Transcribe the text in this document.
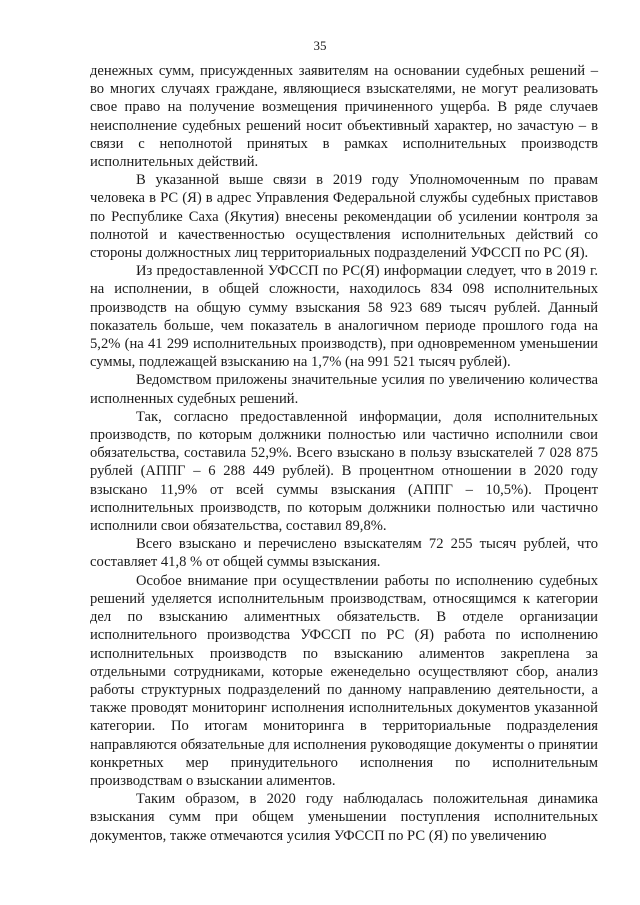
35

денежных сумм, присужденных заявителям на основании судебных решений – во многих случаях граждане, являющиеся взыскателями, не могут реализовать свое право на получение возмещения причиненного ущерба. В ряде случаев неисполнение судебных решений носит объективный характер, но зачастую – в связи с неполнотой принятых в рамках исполнительных производств исполнительных действий.

В указанной выше связи в 2019 году Уполномоченным по правам человека в РС (Я) в адрес Управления Федеральной службы судебных приставов по Республике Саха (Якутия) внесены рекомендации об усилении контроля за полнотой и качественностью осуществления исполнительных действий со стороны должностных лиц территориальных подразделений УФССП по РС (Я).

Из предоставленной УФССП по РС(Я) информации следует, что в 2019 г. на исполнении, в общей сложности, находилось 834 098 исполнительных производств на общую сумму взыскания 58 923 689 тысяч рублей. Данный показатель больше, чем показатель в аналогичном периоде прошлого года на 5,2% (на 41 299 исполнительных производств), при одновременном уменьшении суммы, подлежащей взысканию на 1,7% (на 991 521 тысяч рублей).

Ведомством приложены значительные усилия по увеличению количества исполненных судебных решений.

Так, согласно предоставленной информации, доля исполнительных производств, по которым должники полностью или частично исполнили свои обязательства, составила 52,9%. Всего взыскано в пользу взыскателей 7 028 875 рублей (АППГ – 6 288 449 рублей). В процентном отношении в 2020 году взыскано 11,9% от всей суммы взыскания (АППГ – 10,5%). Процент исполнительных производств, по которым должники полностью или частично исполнили свои обязательства, составил 89,8%.

Всего взыскано и перечислено взыскателям 72 255 тысяч рублей, что составляет 41,8 % от общей суммы взыскания.

Особое внимание при осуществлении работы по исполнению судебных решений уделяется исполнительным производствам, относящимся к категории дел по взысканию алиментных обязательств. В отделе организации исполнительного производства УФССП по РС (Я) работа по исполнению исполнительных производств по взысканию алиментов закреплена за отдельными сотрудниками, которые еженедельно осуществляют сбор, анализ работы структурных подразделений по данному направлению деятельности, а также проводят мониторинг исполнения исполнительных документов указанной категории. По итогам мониторинга в территориальные подразделения направляются обязательные для исполнения руководящие документы о принятии конкретных мер принудительного исполнения по исполнительным производствам о взыскании алиментов.

Таким образом, в 2020 году наблюдалась положительная динамика взыскания сумм при общем уменьшении поступления исполнительных документов, также отмечаются усилия УФССП по РС (Я) по увеличению
